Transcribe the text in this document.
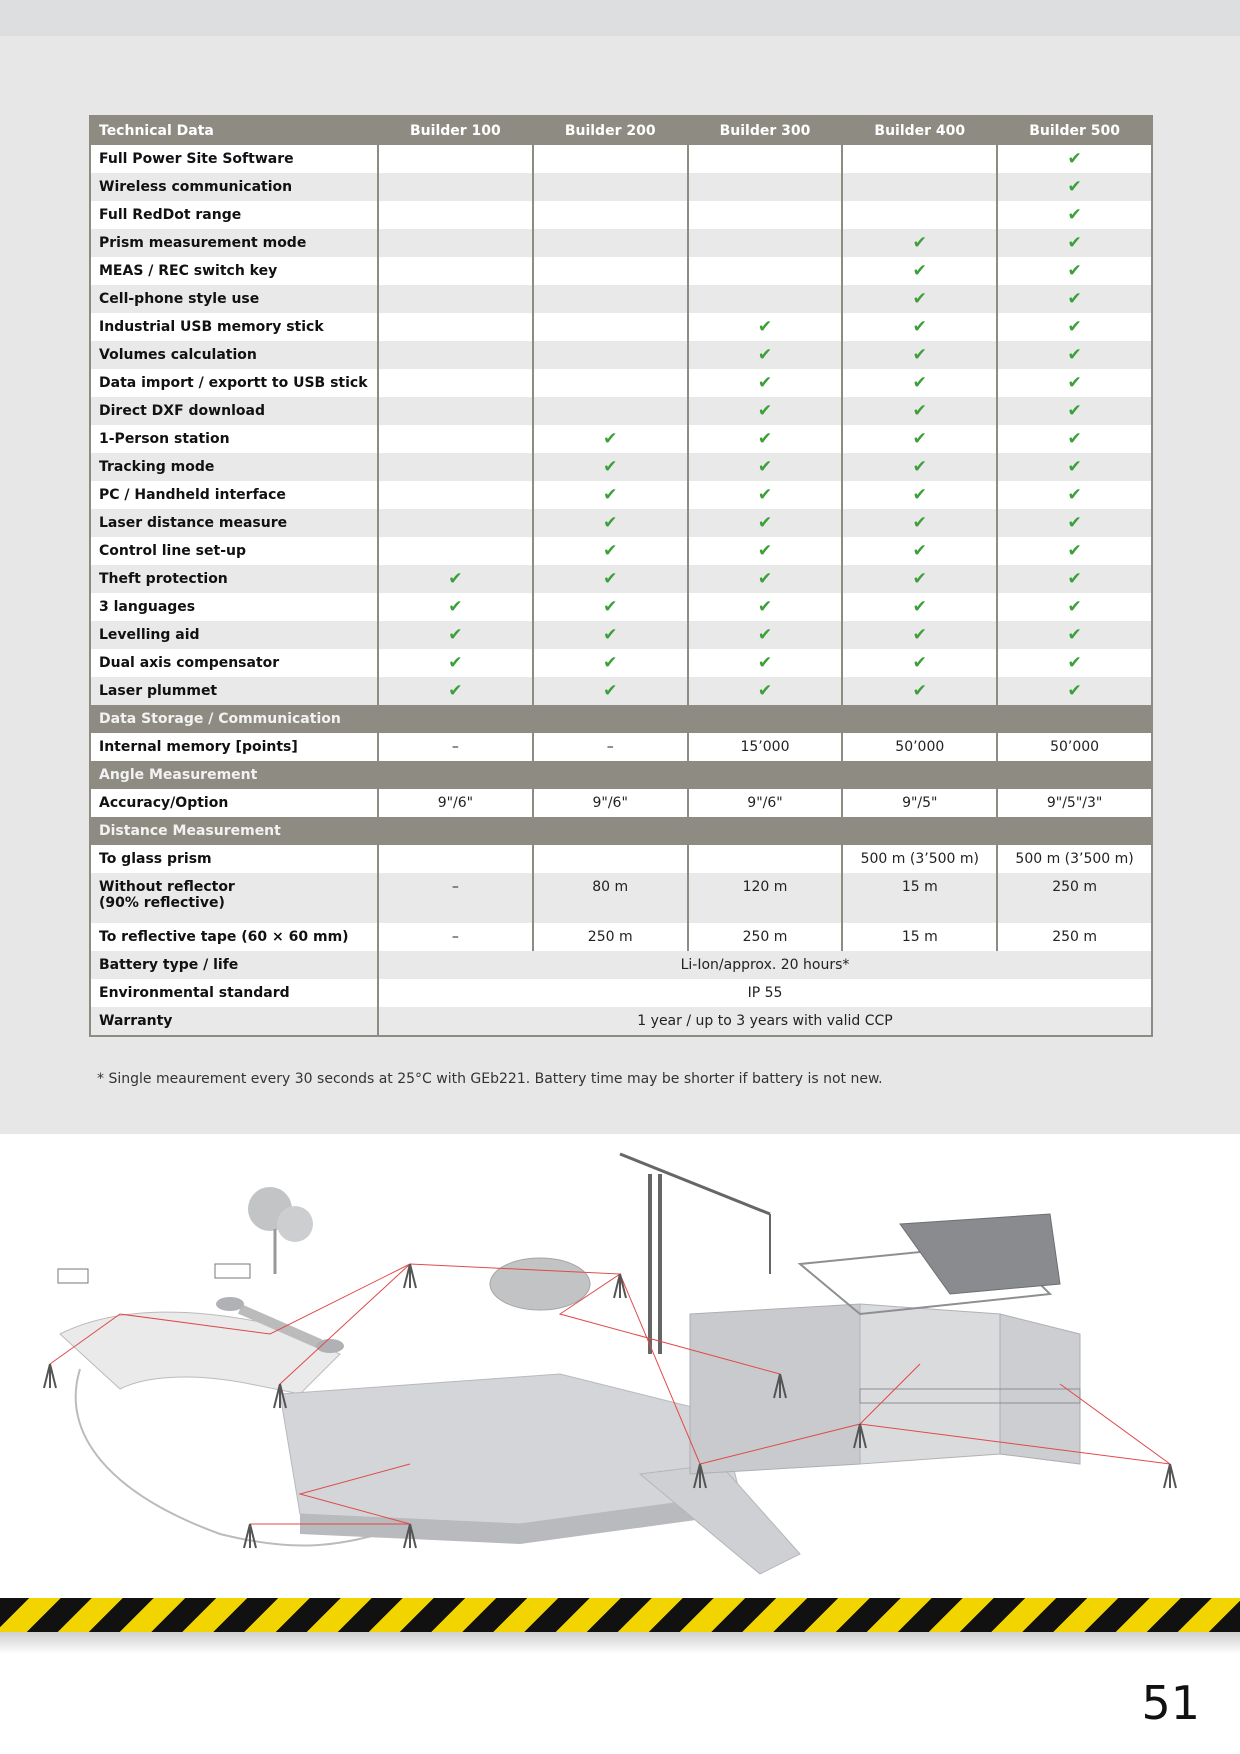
Technical Data	Builder 100	Builder 200	Builder 300	Builder 400	Builder 500
Full Power Site Software					✔
Wireless communication					✔
Full RedDot range					✔
Prism measurement mode				✔	✔
MEAS / REC switch key				✔	✔
Cell-phone style use				✔	✔
Industrial USB memory stick			✔	✔	✔
Volumes calculation			✔	✔	✔
Data import / exportt to USB stick			✔	✔	✔
Direct DXF download			✔	✔	✔
1-Person station		✔	✔	✔	✔
Tracking mode		✔	✔	✔	✔
PC / Handheld interface		✔	✔	✔	✔
Laser distance measure		✔	✔	✔	✔
Control line set-up		✔	✔	✔	✔
Theft protection	✔	✔	✔	✔	✔
3 languages	✔	✔	✔	✔	✔
Levelling aid	✔	✔	✔	✔	✔
Dual axis compensator	✔	✔	✔	✔	✔
Laser plummet	✔	✔	✔	✔	✔
Data Storage / Communication					

Internal memory [points]	–	–	15’000	50’000	50’000
Angle Measurement					

Accuracy/Option	9"/6"	9"/6"	9"/6"	9"/5"	9"/5"/3"
Distance Measurement					

To glass prism				500 m (3’500 m)	500 m (3’500 m)

Without reflector
(90% reflective)	–	80 m	120 m	15 m	250 m

To reflective tape (60 × 60 mm)	–	250 m	250 m	15 m	250 m

Battery type / life	Li-Ion/approx. 20 hours*				

Environmental standard	IP 55				

Warranty	1 year / up to 3 years with valid CCP				
* Single meaurement every 30 seconds at 25°C with GEb221. Battery time may be shorter if battery is not new.
51
